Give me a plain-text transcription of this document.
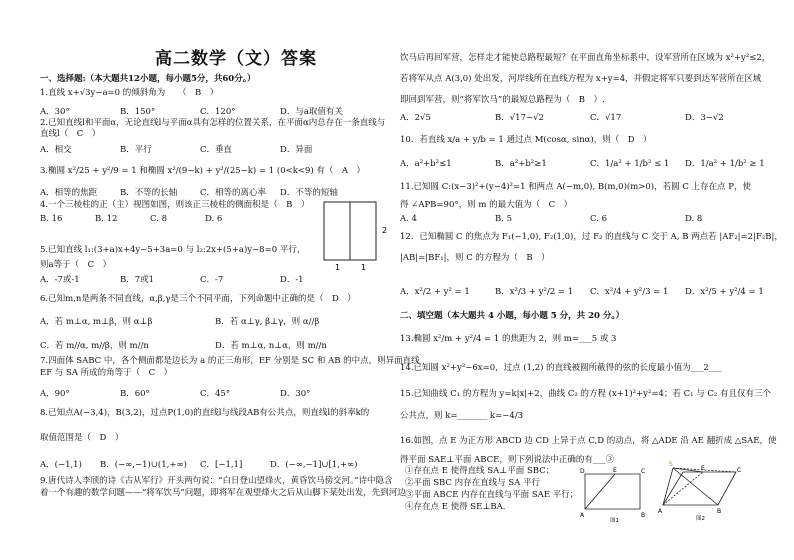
高二数学（文）答案
一、选择题:（本大题共12小题，每小题5分，共60分。）
1.直线 x+√3y−a=0 的倾斜角为　　（　B　）
A．30°	B．150°	C．120°	D．与a取值有关
2.已知直线l和平面α，无论直线l与平面α具有怎样的位置关系，在平面α内总存在一条直线与
直线l（　C　）
A．相交	B．平行	C．垂直	D．异面
3.椭圆 x²/25 + y²/9 = 1 和椭圆 x²/(9−k) + y²/(25−k) = 1 (0<k<9) 有（　A　）
A．相等的焦距	B．不等的长轴	C．相等的离心率	D．不等的短轴
4.一个三棱柱的正（主）视图如图，则该正三棱柱的侧面积是（　B　）
B. 16	B. 12	C. 8	D. 6
2
1	1
5.已知直线 l₁:(3+a)x+4y−5+3a=0 与 l₂:2x+(5+a)y−8=0 平行，
则a等于（　C　）
A．-7或-1	B．7或1	C．-7	D．-1
6.已知m,n是两条不同直线，α,β,γ是三个不同平面，下列命题中正确的是（　D　）
A．若 m⊥α, m⊥β，则 α⊥β	B．若 α⊥γ, β⊥γ，则 α//β
C．若 m//α, m//β，则 m//n	D．若 m⊥α, n⊥α，则 m//n
7.四面体 SABC 中，各个侧面都是边长为 a 的正三角形，EF 分别是 SC 和 AB 的中点，则异面直线
EF 与 SA 所成的角等于（　C　）
A．90°	B．60°	C．45°	D．30°
8.已知点A(−3,4)，B(3,2)，过点P(1,0)的直线l与线段AB有公共点，则直线l的斜率k的
取值范围是（　D　）
A．(−1,1)	B．(−∞,−1)∪(1,+∞)	C．[−1,1]	D．(−∞,−1]∪[1,+∞)
9.唐代诗人李颀的诗《古从军行》开头两句说：“白日登山望烽火，黄昏饮马傍交河。”诗中隐含
着一个有趣的数学问题——“将军饮马”问题，即将军在观望烽火之后从山脚下某处出发，先到河边
饮马后再回军营，怎样走才能使总路程最短？在平面直角坐标系中，设军营所在区域为 x²+y²≤2，
若将军从点 A(3,0) 处出发，河岸线所在直线方程为 x+y=4，并假定将军只要到达军营所在区域
即回到军营，则“将军饮马”的最短总路程为（　B　）.
A．2√5	B．√17−√2	C．√17	D．3−√2
10．若直线 x/a + y/b = 1 通过点 M(cosα, sinα)，则（　D　）
A．a²+b²≤1	B．a²+b²≥1	C．1/a² + 1/b² ≤ 1	D．1/a² + 1/b² ≥ 1
11.已知圆 C:(x−3)²+(y−4)²=1 和两点 A(−m,0), B(m,0)(m>0)，若圆 C 上存在点 P，使
得 ∠APB=90°，则 m 的最大值为（　C　）
A. 4	B. 5	C. 6	D. 8
12．已知椭圆 C 的焦点为 F₁(−1,0), F₂(1,0)，过 F₂ 的直线与 C 交于 A, B 两点若 |AF₂|=2|F₂B|，
|AB|=|BF₁|，则 C 的方程为（　B　）
A．x²/2 + y² = 1	B．x²/3 + y²/2 = 1	C．x²/4 + y²/3 = 1	D．x²/5 + y²/4 = 1
二、填空题（本大题共 4 小题，每小题 5 分，共 20 分。）
13.椭圆 x²/m + y²/4 = 1 的焦距为 2，则 m=___5 或 3
14.已知圆 x²+y²−6x=0，过点 (1,2) 的直线被圆所截得的弦的长度最小值为___2___
15.已知曲线 C₁ 的方程为 y=k|x|+2，曲线 C₂ 的方程 (x+1)²+y²=4；若 C₁ 与 C₂ 有且仅有三个
公共点，则 k=_______ k=−4/3
16.如图，点 E 为正方形 ABCD 边 CD 上异于点 C,D 的动点，将 △ADE 沿 AE 翻折成 △SAE，使
得平面 SAE⊥平面 ABCE，则下列说法中正确的有___③
①存在点 E 使得直线 SA⊥平面 SBC；
②平面 SBC 内存在直线与 SA 平行
③平面 ABCE 内存在直线与平面 SAE 平行；
④存在点 E 使得 SE⊥BA．
A	B
C
D	E
图1
S
A	B
C
E
图2
